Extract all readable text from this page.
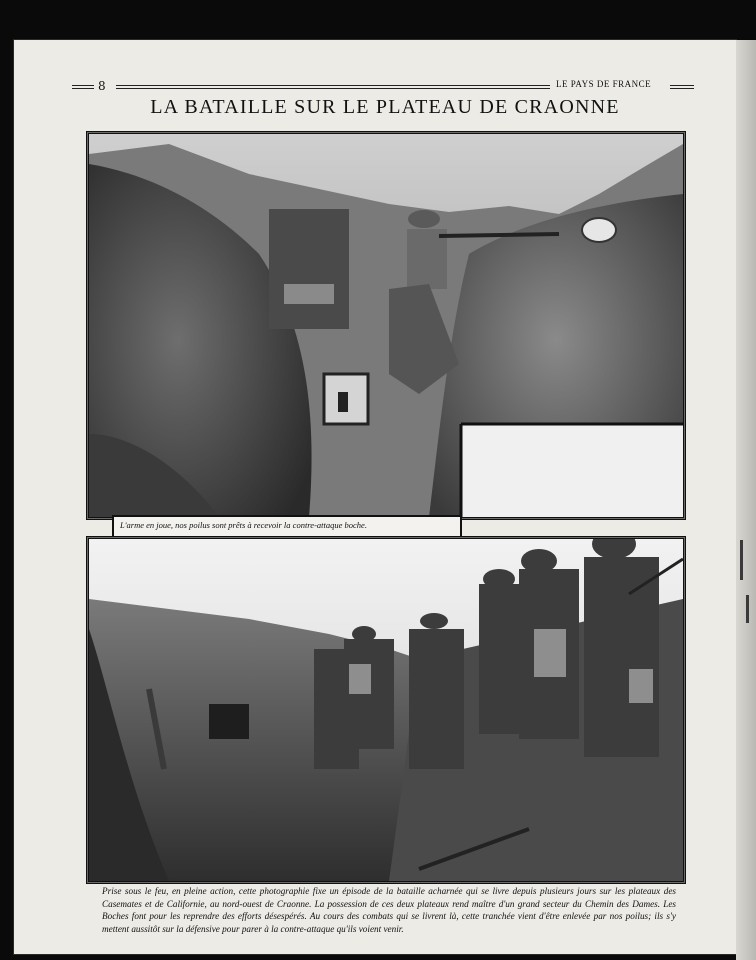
8	LE PAYS DE FRANCE
LA BATAILLE SUR LE PLATEAU DE CRAONNE
L'arme en joue, nos poilus sont prêts à recevoir la contre-attaque boche.
Prise sous le feu, en pleine action, cette photographie fixe un épisode de la bataille acharnée qui se livre depuis plusieurs jours sur les plateaux des Casemates et de Californie, au nord-ouest de Craonne. La possession de ces deux plateaux rend maître d'un grand secteur du Chemin des Dames. Les Boches font pour les reprendre des efforts désespérés. Au cours des combats qui se livrent là, cette tranchée vient d'être enlevée par nos poilus; ils s'y mettent aussitôt sur la défensive pour parer à la contre-attaque qu'ils voient venir.
